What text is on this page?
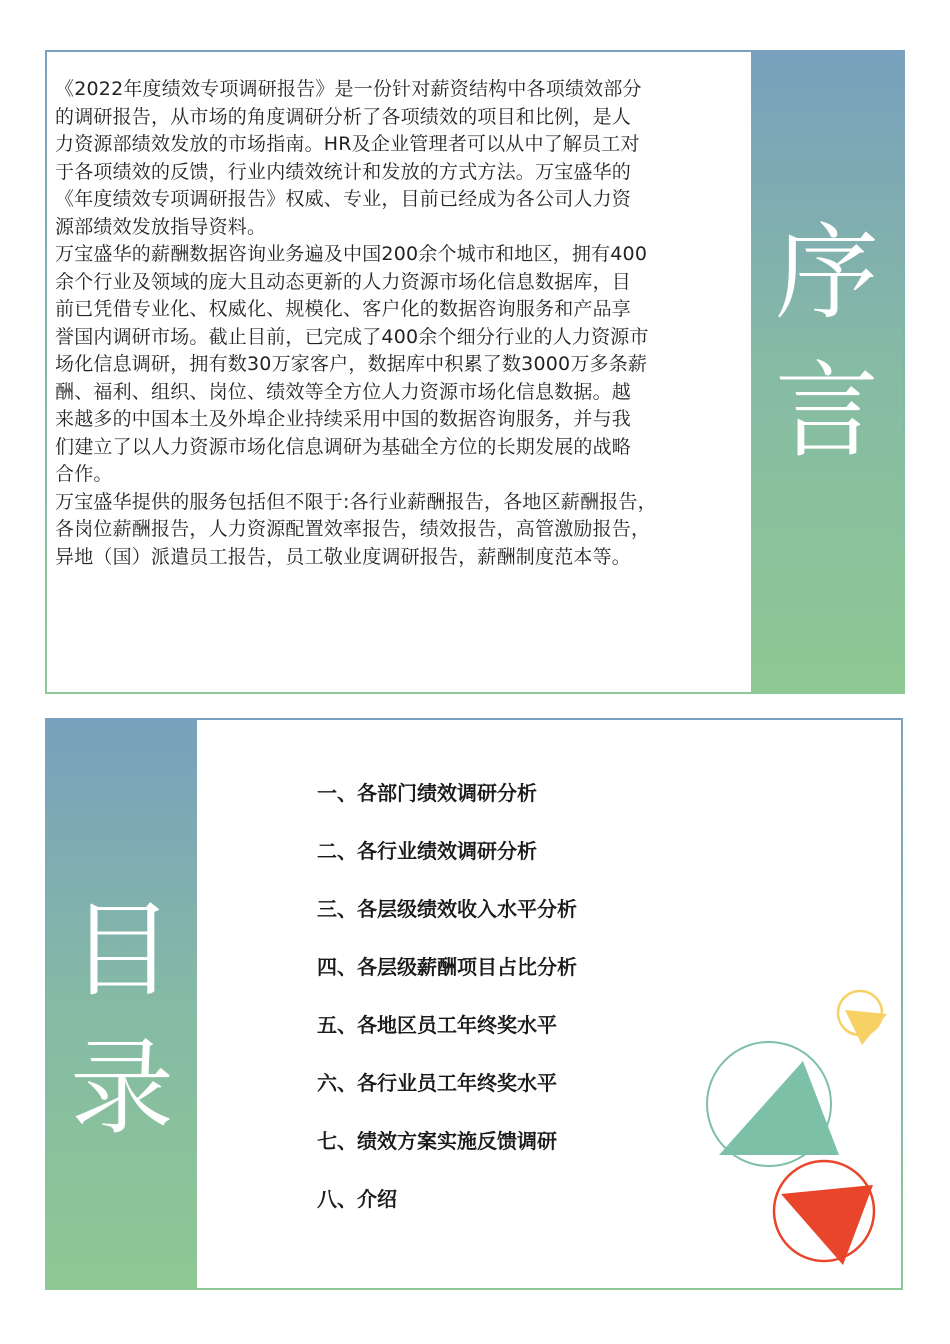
《2022年度绩效专项调研报告》是一份针对薪资结构中各项绩效部分
的调研报告，从市场的角度调研分析了各项绩效的项目和比例，是人
力资源部绩效发放的市场指南。HR及企业管理者可以从中了解员工对
于各项绩效的反馈，行业内绩效统计和发放的方式方法。万宝盛华的
《年度绩效专项调研报告》权威、专业，目前已经成为各公司人力资
源部绩效发放指导资料。

万宝盛华的薪酬数据咨询业务遍及中国200余个城市和地区，拥有400
余个行业及领域的庞大且动态更新的人力资源市场化信息数据库，目
前已凭借专业化、权威化、规模化、客户化的数据咨询服务和产品享
誉国内调研市场。截止目前，已完成了400余个细分行业的人力资源市
场化信息调研，拥有数30万家客户，数据库中积累了数3000万多条薪
酬、福利、组织、岗位、绩效等全方位人力资源市场化信息数据。越
来越多的中国本土及外埠企业持续采用中国的数据咨询服务，并与我
们建立了以人力资源市场化信息调研为基础全方位的长期发展的战略
合作。

万宝盛华提供的服务包括但不限于:各行业薪酬报告，各地区薪酬报告，
各岗位薪酬报告，人力资源配置效率报告，绩效报告，高管激励报告，
异地（国）派遣员工报告，员工敬业度调研报告，薪酬制度范本等。

序
言
目
录
一、各部门绩效调研分析
二、各行业绩效调研分析
三、各层级绩效收入水平分析
四、各层级薪酬项目占比分析
五、各地区员工年终奖水平
六、各行业员工年终奖水平
七、绩效方案实施反馈调研
八、介绍
